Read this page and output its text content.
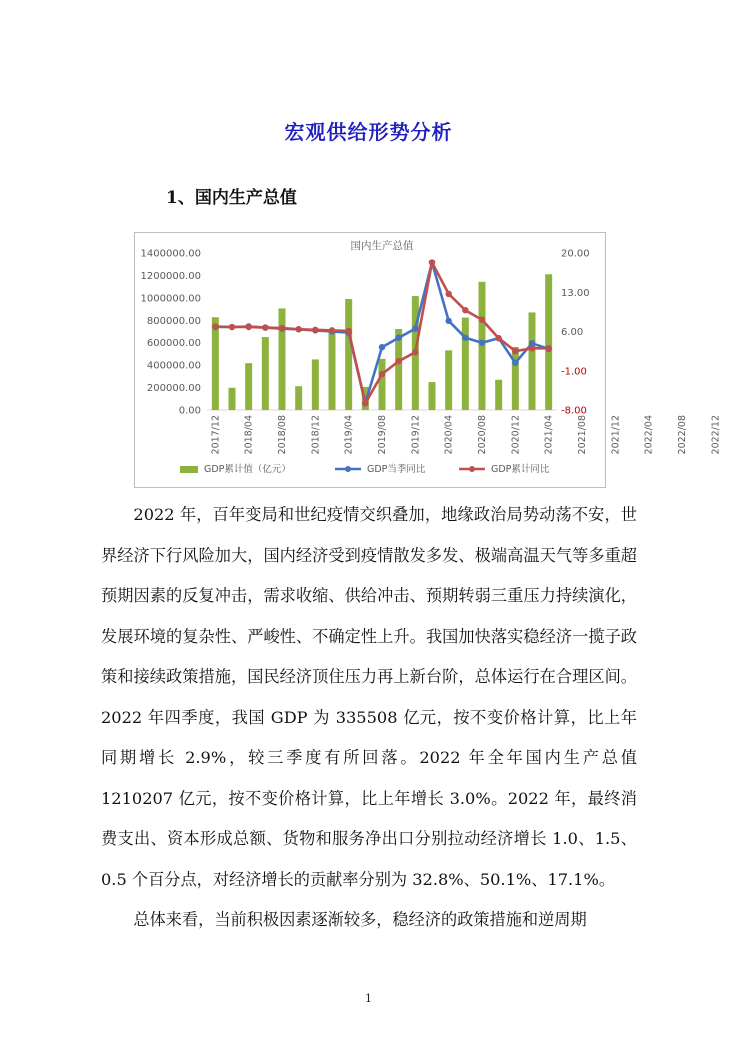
宏观供给形势分析
1、国内生产总值
国内生产总值
0.00
200000.00
400000.00
600000.00
800000.00
1000000.00
1200000.00
1400000.00
-8.00
-1.00
6.00
13.00
20.00
2017/12 2018/04 2018/08 2018/12 2019/04 2019/08 2019/12 2020/04 2020/08 2020/12 2021/04 2021/08 2021/12 2022/04 2022/08 2022/12
GDP累计值（亿元）	GDP当季同比	GDP累计同比

2022 年，百年变局和世纪疫情交织叠加，地缘政治局势动荡不安，世界经济下行风险加大，国内经济受到疫情散发多发、极端高温天气等多重超预期因素的反复冲击，需求收缩、供给冲击、预期转弱三重压力持续演化，发展环境的复杂性、严峻性、不确定性上升。我国加快落实稳经济一揽子政策和接续政策措施，国民经济顶住压力再上新台阶，总体运行在合理区间。2022 年四季度，我国 GDP 为 335508 亿元，按不变价格计算，比上年同期增长 2.9%，较三季度有所回落。2022 年全年国内生产总值 1210207 亿元，按不变价格计算，比上年增长 3.0%。2022 年，最终消费支出、资本形成总额、货物和服务净出口分别拉动经济增长 1.0、1.5、0.5 个百分点，对经济增长的贡献率分别为 32.8%、50.1%、17.1%。

总体来看，当前积极因素逐渐较多，稳经济的政策措施和逆周期

1
